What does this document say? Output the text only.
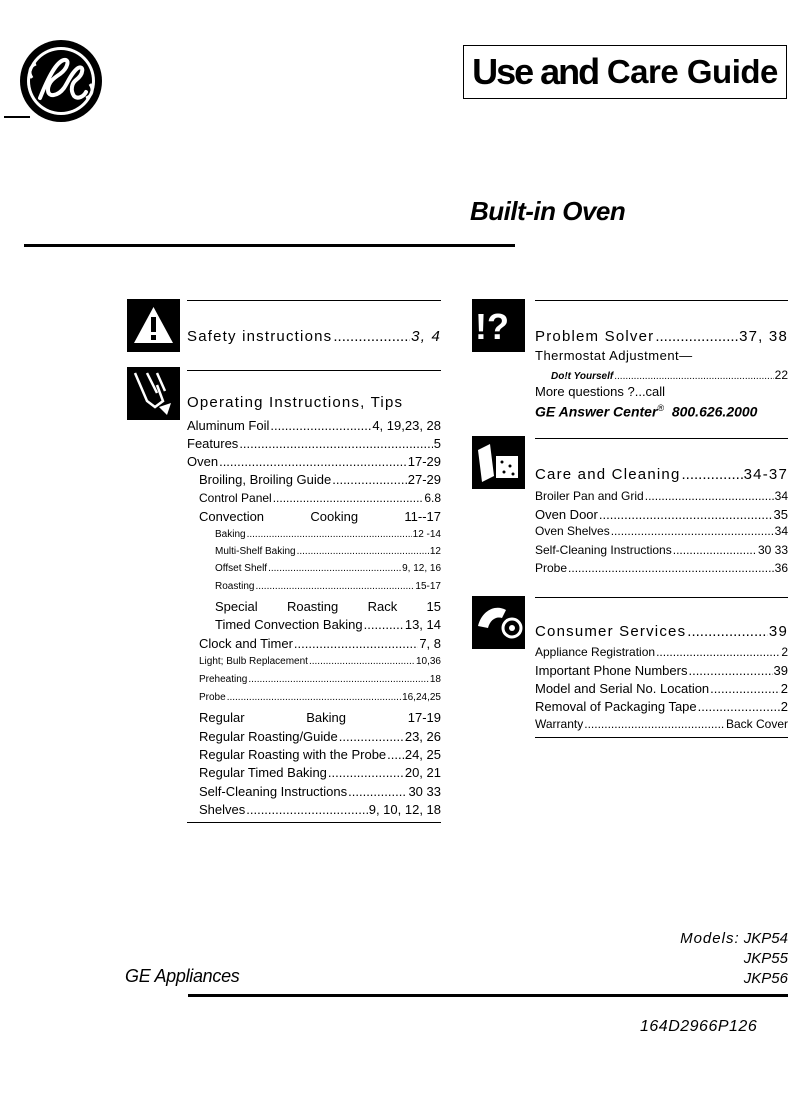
Use and
Care Guide
Built-in Oven
Safety instructions .....	3, 4
Operating Instructions, Tips
Aluminum Foil .....	4, 19,23, 28
Features .....	5
Oven .....	17-29
Broiling, Broiling Guide .....	27-29
Control Panel .....	6.8
Convection	Cooking	11--17
Baking .....	12 -14
Multi-Shelf Baking .....	12
Offset Shelf .....	9, 12, 16
Roasting .....	15-17
Special Roasting Rack 15
Timed Convection Baking .....	13, 14
Clock and Timer .....	7, 8
Light; Bulb Replacement .....	10,36
Preheating .....	18
Probe .....	16,24,25
Regular	Baking	17-19
Regular Roasting/Guide .....	23, 26
Regular Roasting with the Probe ..... 24, 25
Regular Timed Baking .....	20, 21
Self-Cleaning Instructions .....	30 33
Shelves .....	9, 10, 12, 18
!? Problem Solver .....	37, 38
Thermostat Adjustment—
Do!t Yourself .....	22
More questions ?...call
GE Answer Center® 800.626.2000
Care and Cleaning .....	34-37
Broiler Pan and Grid .....	34
Oven Door .....	35
Oven Shelves .....	34
Self-Cleaning Instructions .....	30 33
Probe .....	36
Consumer Services .....	39
Appliance Registration .....	2
Important Phone Numbers .....	39
Model and Serial No. Location .....	2
Removal of Packaging Tape .....	2
Warranty .....	Back Cover
Models: JKP54
JKP55
JKP56
GE Appliances
164D2966P126
